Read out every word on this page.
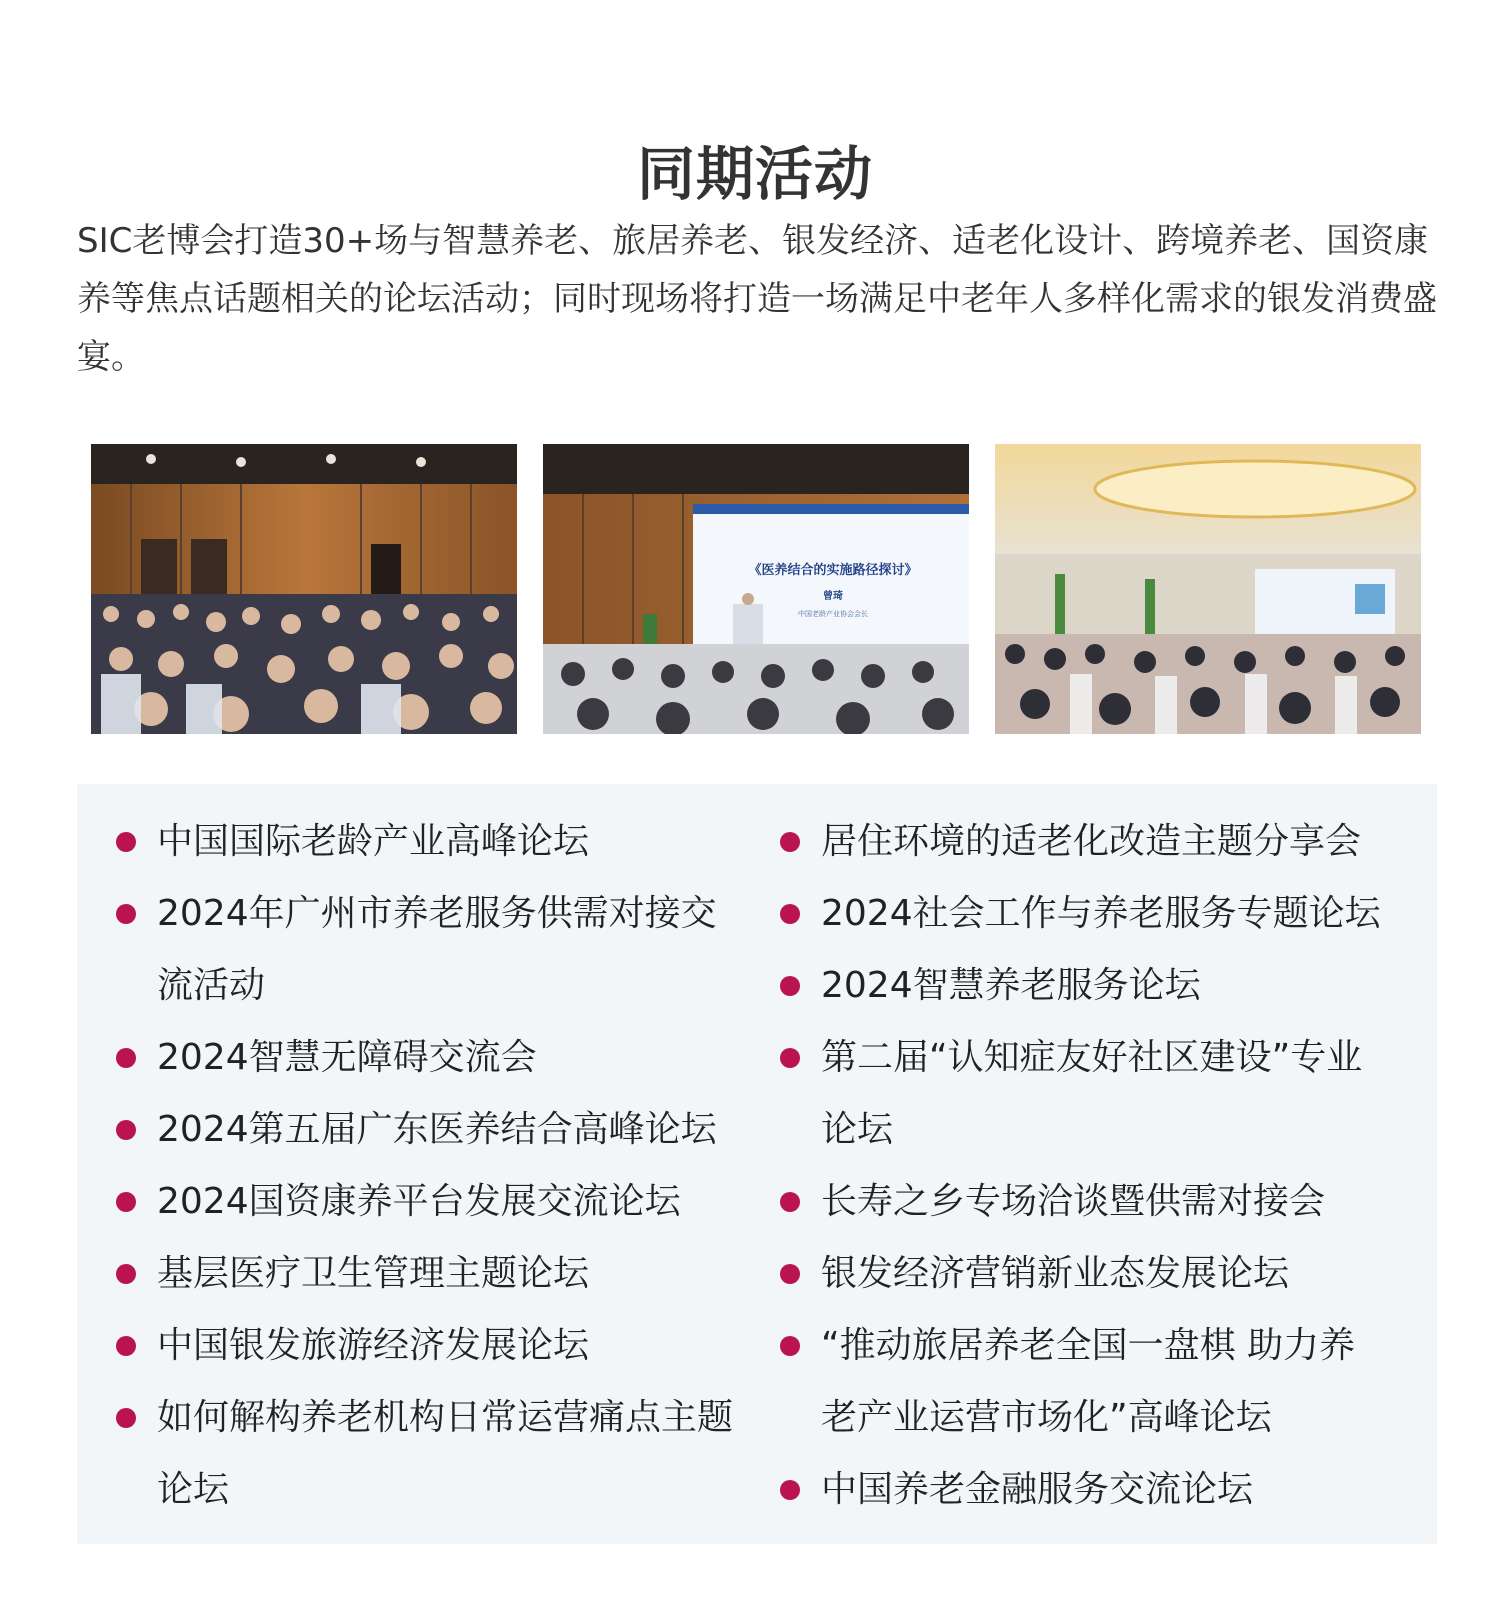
同期活动

SIC老博会打造30+场与智慧养老、旅居养老、银发经济、适老化设计、跨境养老、国资康养等焦点话题相关的论坛活动；同时现场将打造一场满足中老年人多样化需求的银发消费盛宴。

《医养结合的实施路径探讨》
曾琦
中国老龄产业协会会长
中国国际老龄产业高峰论坛
2024年广州市养老服务供需对接交流活动
2024智慧无障碍交流会
2024第五届广东医养结合高峰论坛
2024国资康养平台发展交流论坛
基层医疗卫生管理主题论坛
中国银发旅游经济发展论坛
如何解构养老机构日常运营痛点主题论坛
居住环境的适老化改造主题分享会
2024社会工作与养老服务专题论坛
2024智慧养老服务论坛
第二届“认知症友好社区建设”专业论坛
长寿之乡专场洽谈暨供需对接会
银发经济营销新业态发展论坛
“推动旅居养老全国一盘棋 助力养老产业运营市场化”高峰论坛
中国养老金融服务交流论坛
